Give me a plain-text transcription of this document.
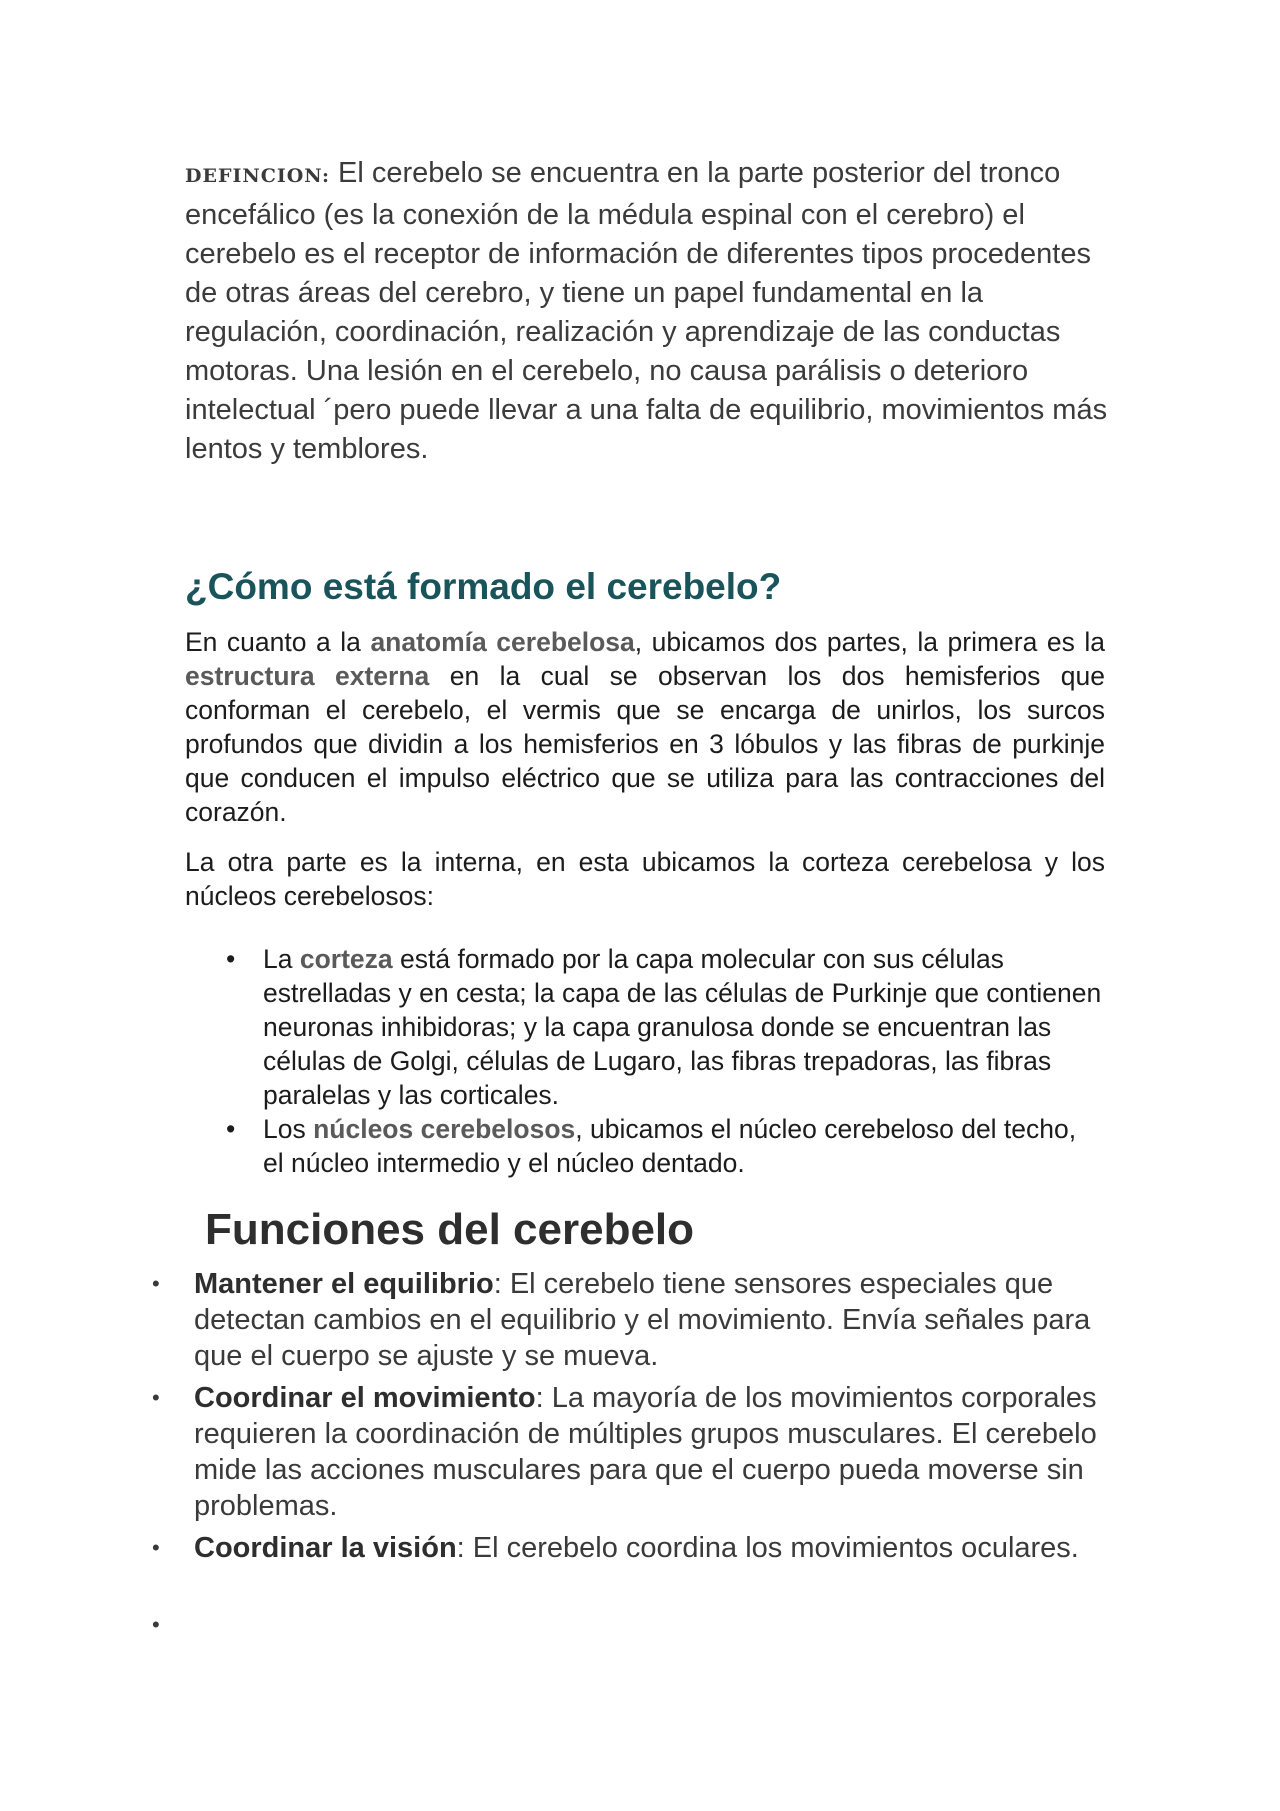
DEFINCION: El cerebelo se encuentra en la parte posterior del tronco encefálico (es la conexión de la médula espinal con el cerebro) el cerebelo es el receptor de información de diferentes tipos procedentes de otras áreas del cerebro, y tiene un papel fundamental en la regulación, coordinación, realización y aprendizaje de las conductas motoras. Una lesión en el cerebelo, no causa parálisis o deterioro intelectual ´pero puede llevar a una falta de equilibrio, movimientos más lentos y temblores.
¿Cómo está formado el cerebelo?

En cuanto a la anatomía cerebelosa, ubicamos dos partes, la primera es la estructura externa en la cual se observan los dos hemisferios que conforman el cerebelo, el vermis que se encarga de unirlos, los surcos profundos que dividin a los hemisferios en 3 lóbulos y las fibras de purkinje que conducen el impulso eléctrico que se utiliza para las contracciones del corazón.

La otra parte es la interna, en esta ubicamos la corteza cerebelosa y los núcleos cerebelosos:

• La corteza está formado por la capa molecular con sus células estrelladas y en cesta; la capa de las células de Purkinje que contienen neuronas inhibidoras; y la capa granulosa donde se encuentran las células de Golgi, células de Lugaro, las fibras trepadoras, las fibras paralelas y las corticales.
• Los núcleos cerebelosos, ubicamos el núcleo cerebeloso del techo, el núcleo intermedio y el núcleo dentado.
Funciones del cerebelo
• Mantener el equilibrio: El cerebelo tiene sensores especiales que detectan cambios en el equilibrio y el movimiento. Envía señales para que el cuerpo se ajuste y se mueva.
• Coordinar el movimiento: La mayoría de los movimientos corporales requieren la coordinación de múltiples grupos musculares. El cerebelo mide las acciones musculares para que el cuerpo pueda moverse sin problemas.
• Coordinar la visión: El cerebelo coordina los movimientos oculares.
•
